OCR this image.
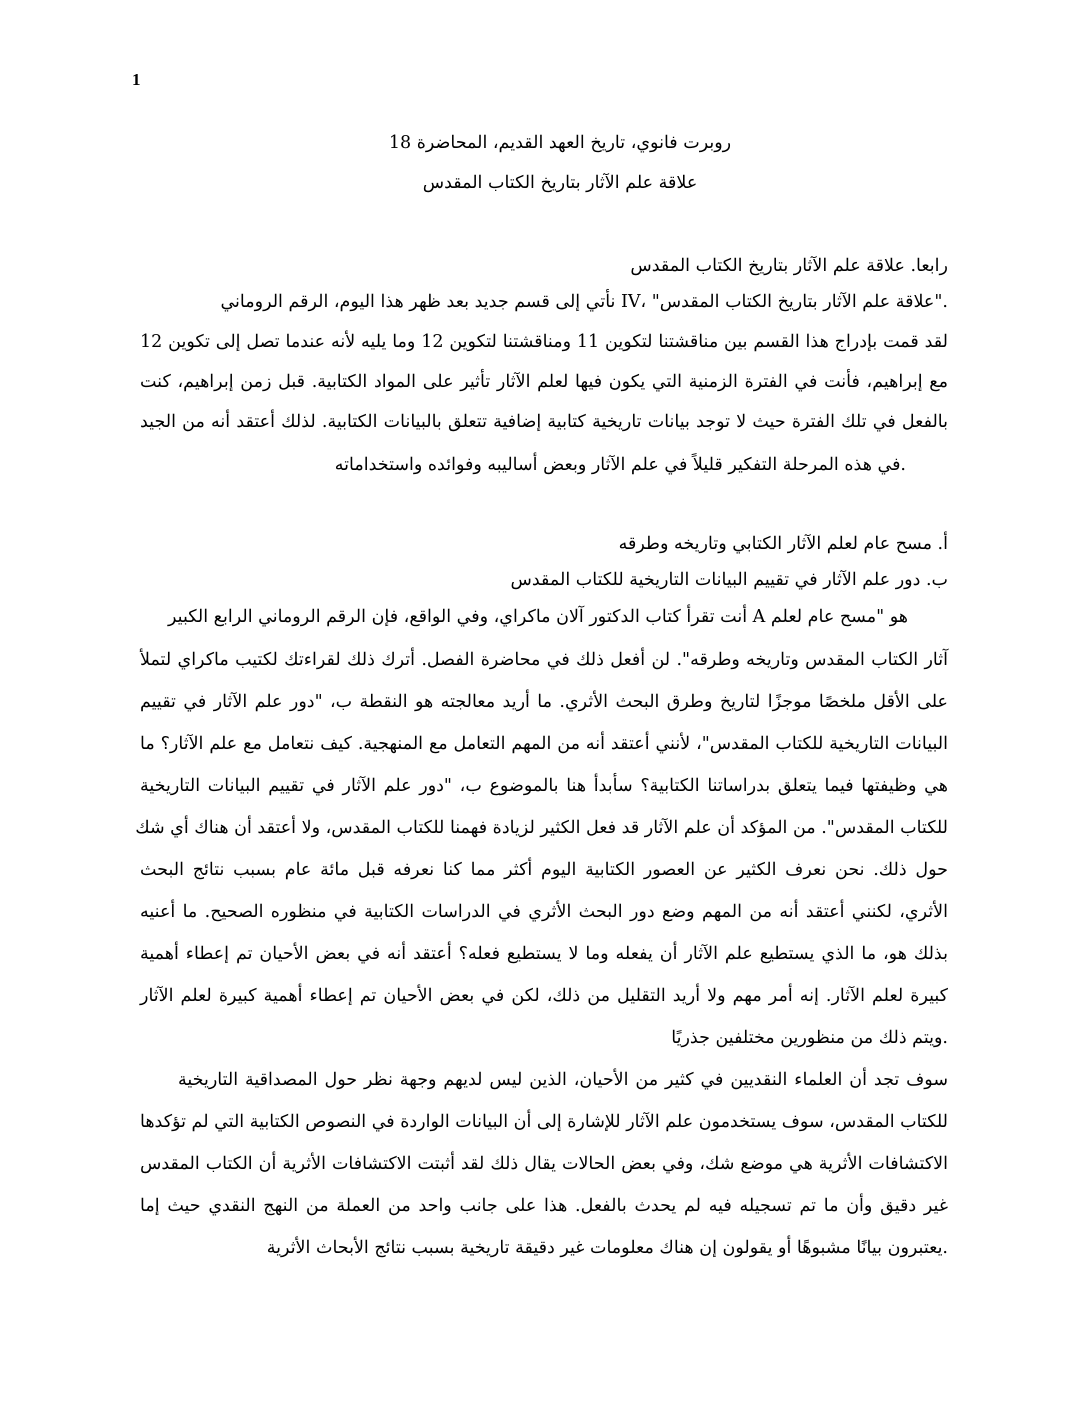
1
روبرت فانوي، تاريخ العهد القديم، المحاضرة 18
علاقة علم الآثار بتاريخ الكتاب المقدس
رابعا. علاقة علم الآثار بتاريخ الكتاب المقدس
."علاقة علم الآثار بتاريخ الكتاب المقدس" ،IV نأتي إلى قسم جديد بعد ظهر هذا اليوم، الرقم الروماني
لقد قمت بإدراج هذا القسم بين مناقشتنا لتكوين 11 ومناقشتنا لتكوين 12 وما يليه لأنه عندما تصل إلى تكوين 12
مع إبراهيم، فأنت في الفترة الزمنية التي يكون فيها لعلم الآثار تأثير على المواد الكتابية. قبل زمن إبراهيم، كنت
بالفعل في تلك الفترة حيث لا توجد بيانات تاريخية كتابية إضافية تتعلق بالبيانات الكتابية. لذلك أعتقد أنه من الجيد
.في هذه المرحلة التفكير قليلاً في علم الآثار وبعض أساليبه وفوائده واستخداماته
أ. مسح عام لعلم الآثار الكتابي وتاريخه وطرقه
ب. دور علم الآثار في تقييم البيانات التاريخية للكتاب المقدس
هو "مسح عام لعلم A أنت تقرأ كتاب الدكتور آلان ماكراي، وفي الواقع، فإن الرقم الروماني الرابع الكبير
آثار الكتاب المقدس وتاريخه وطرقه". لن أفعل ذلك في محاضرة الفصل. أترك ذلك لقراءتك لكتيب ماكراي لتملأ
على الأقل ملخصًا موجزًا لتاريخ وطرق البحث الأثري. ما أريد معالجته هو النقطة ب، "دور علم الآثار في تقييم
البيانات التاريخية للكتاب المقدس"، لأنني أعتقد أنه من المهم التعامل مع المنهجية. كيف نتعامل مع علم الآثار؟ ما
هي وظيفتها فيما يتعلق بدراساتنا الكتابية؟ سأبدأ هنا بالموضوع ب، "دور علم الآثار في تقييم البيانات التاريخية
للكتاب المقدس". من المؤكد أن علم الآثار قد فعل الكثير لزيادة فهمنا للكتاب المقدس، ولا أعتقد أن هناك أي شك
حول ذلك. نحن نعرف الكثير عن العصور الكتابية اليوم أكثر مما كنا نعرفه قبل مائة عام بسبب نتائج البحث
الأثري، لكنني أعتقد أنه من المهم وضع دور البحث الأثري في الدراسات الكتابية في منظوره الصحيح. ما أعنيه
بذلك هو، ما الذي يستطيع علم الآثار أن يفعله وما لا يستطيع فعله؟ أعتقد أنه في بعض الأحيان تم إعطاء أهمية
كبيرة لعلم الآثار. إنه أمر مهم ولا أريد التقليل من ذلك، لكن في بعض الأحيان تم إعطاء أهمية كبيرة لعلم الآثار
.ويتم ذلك من منظورين مختلفين جذريًا
سوف تجد أن العلماء النقديين في كثير من الأحيان، الذين ليس لديهم وجهة نظر حول المصداقية التاريخية
للكتاب المقدس، سوف يستخدمون علم الآثار للإشارة إلى أن البيانات الواردة في النصوص الكتابية التي لم تؤكدها
الاكتشافات الأثرية هي موضع شك، وفي بعض الحالات يقال ذلك لقد أثبتت الاكتشافات الأثرية أن الكتاب المقدس
غير دقيق وأن ما تم تسجيله فيه لم يحدث بالفعل. هذا على جانب واحد من العملة من النهج النقدي حيث إما
.يعتبرون بيانًا مشبوهًا أو يقولون إن هناك معلومات غير دقيقة تاريخية بسبب نتائج الأبحاث الأثرية
